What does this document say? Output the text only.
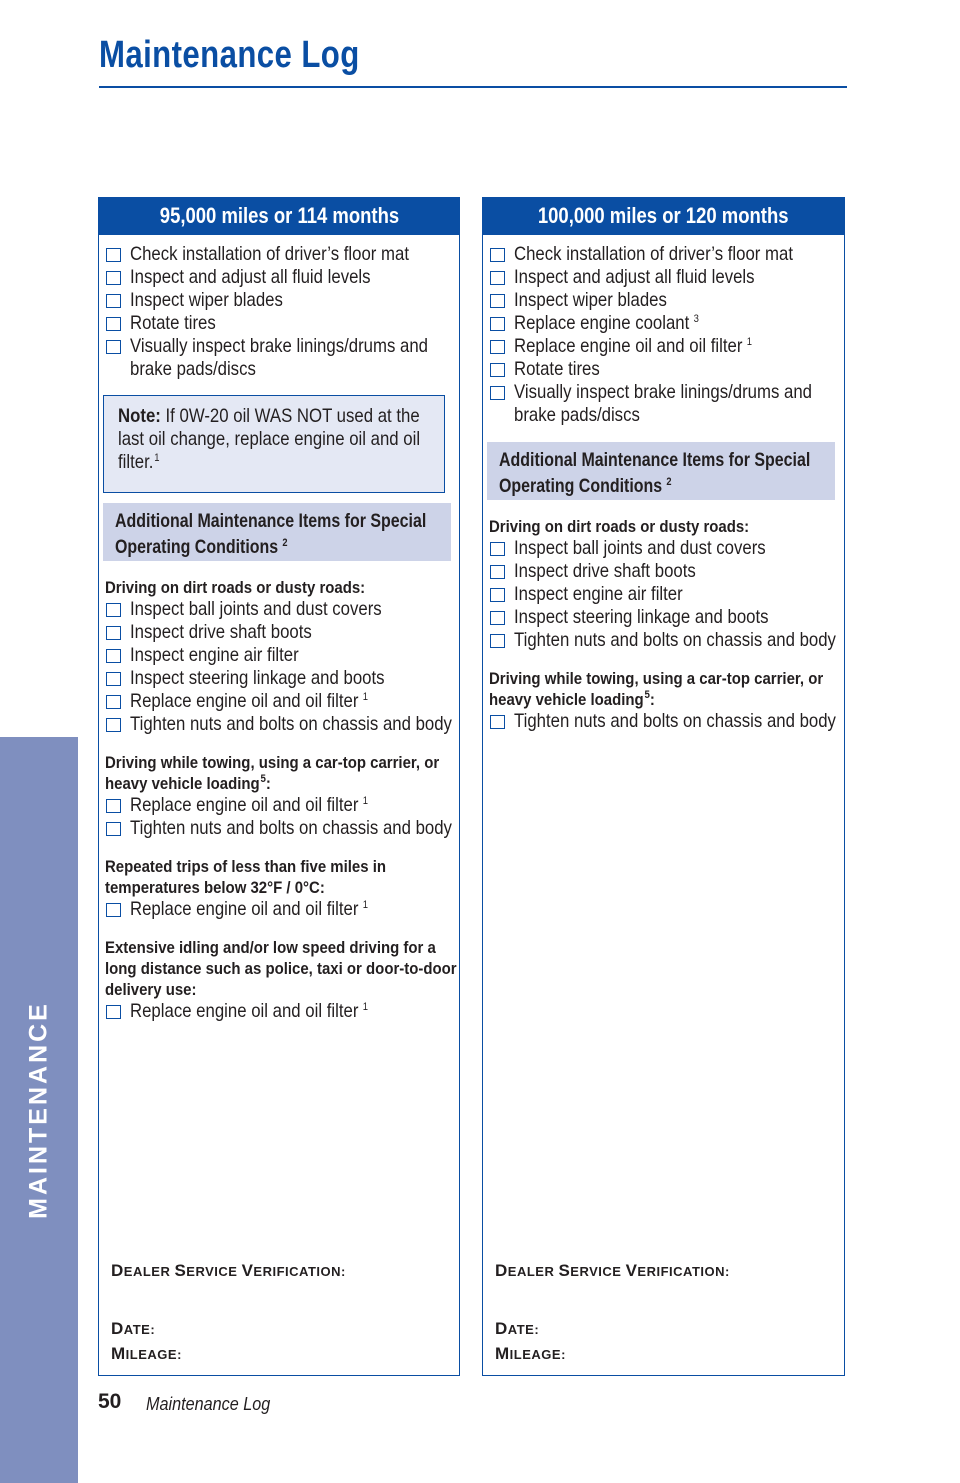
Maintenance Log
MAINTENANCE
95,000 miles or 114 months
Check installation of driver’s floor mat
Inspect and adjust all fluid levels
Inspect wiper blades
Rotate tires
Visually inspect brake linings/drums and brake pads/discs
Note: If 0W-20 oil WAS NOT used at the last oil change, replace engine oil and oil filter.$^1$
Additional Maintenance Items for Special Operating Conditions $^2$
Driving on dirt roads or dusty roads:
Inspect ball joints and dust covers
Inspect drive shaft boots
Inspect engine air filter
Inspect steering linkage and boots
Replace engine oil and oil filter $^1$
Tighten nuts and bolts on chassis and body
Driving while towing, using a car-top carrier, or heavy vehicle loading$^5$:
Replace engine oil and oil filter $^1$
Tighten nuts and bolts on chassis and body
Repeated trips of less than five miles in temperatures below 32°F / 0°C:
Replace engine oil and oil filter $^1$
Extensive idling and/or low speed driving for a long distance such as police, taxi or door-to-door delivery use:
Replace engine oil and oil filter $^1$
DEALER SERVICE VERIFICATION:
DATE:
MILEAGE:
100,000 miles or 120 months
Check installation of driver’s floor mat
Inspect and adjust all fluid levels
Inspect wiper blades
Replace engine coolant $^3$
Replace engine oil and oil filter $^1$
Rotate tires
Visually inspect brake linings/drums and brake pads/discs
Additional Maintenance Items for Special Operating Conditions $^2$
Driving on dirt roads or dusty roads:
Inspect ball joints and dust covers
Inspect drive shaft boots
Inspect engine air filter
Inspect steering linkage and boots
Tighten nuts and bolts on chassis and body
Driving while towing, using a car-top carrier, or heavy vehicle loading$^5$:
Tighten nuts and bolts on chassis and body
DEALER SERVICE VERIFICATION:
DATE:
MILEAGE:
50 Maintenance Log
